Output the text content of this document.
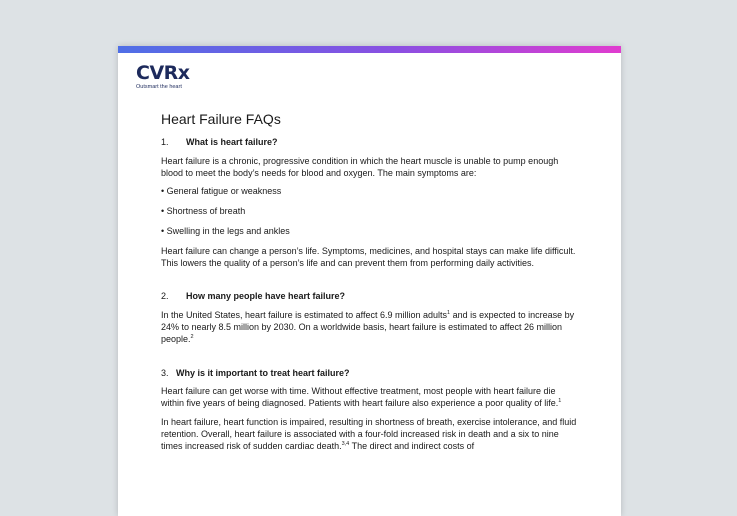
CVRx
Outsmart the heart
Heart Failure FAQs
1. What is heart failure?

Heart failure is a chronic, progressive condition in which the heart muscle is unable to pump enough blood to meet the body’s needs for blood and oxygen. The main symptoms are:

• General fatigue or weakness
• Shortness of breath
• Swelling in the legs and ankles

Heart failure can change a person’s life. Symptoms, medicines, and hospital stays can make life difficult. This lowers the quality of a person’s life and can prevent them from performing daily activities.

2. How many people have heart failure?

In the United States, heart failure is estimated to affect 6.9 million adults$^1$ and is expected to increase by 24% to nearly 8.5 million by 2030. On a worldwide basis, heart failure is estimated to affect 26 million people.$^2$

3. Why is it important to treat heart failure?

Heart failure can get worse with time. Without effective treatment, most people with heart failure die within five years of being diagnosed. Patients with heart failure also experience a poor quality of life.$^1$

In heart failure, heart function is impaired, resulting in shortness of breath, exercise intolerance, and fluid retention. Overall, heart failure is associated with a four-fold increased risk in death and a six to nine times increased risk of sudden cardiac death.$^{3,4}$ The direct and indirect costs of
